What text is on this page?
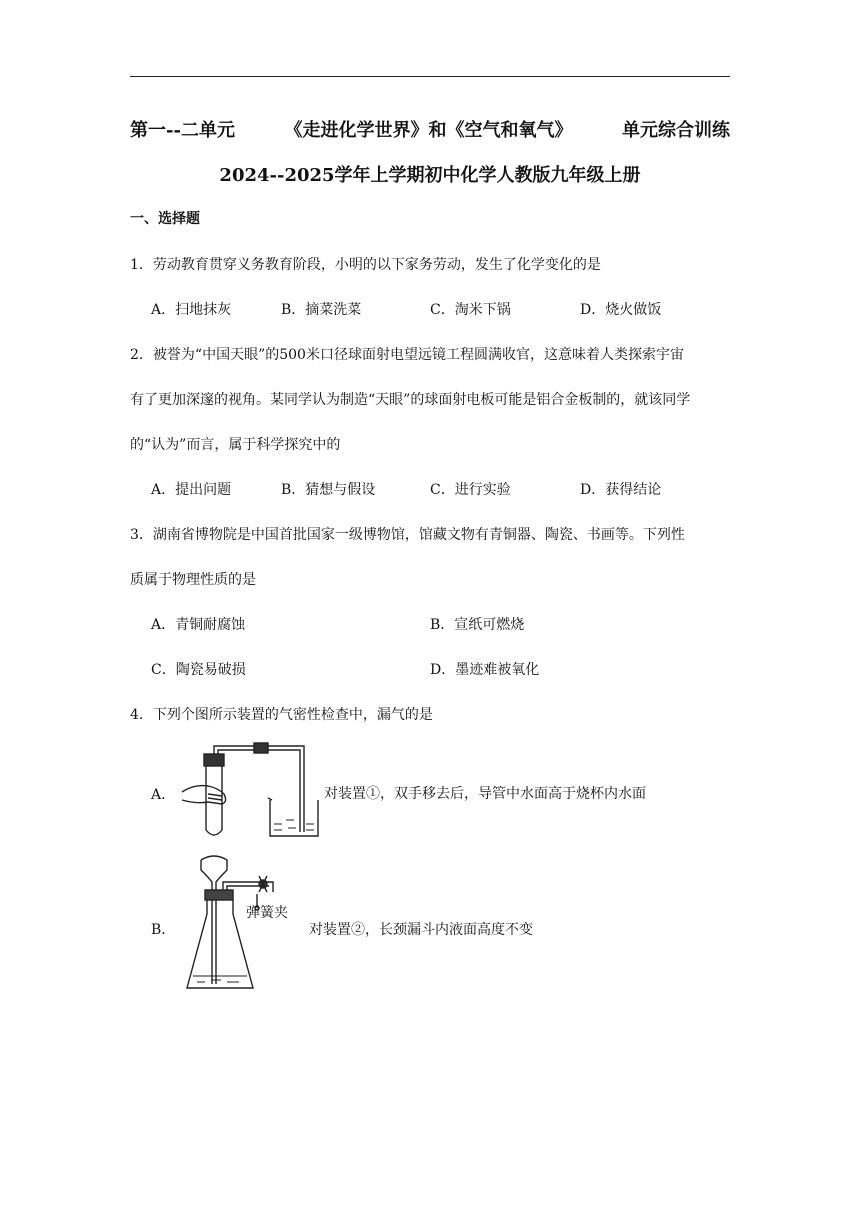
第一--二单元	《走进化学世界》和《空气和氧气》	单元综合训练
2024--2025学年上学期初中化学人教版九年级上册
一、选择题
1．劳动教育贯穿义务教育阶段，小明的以下家务劳动，发生了化学变化的是
A．扫地抹灰	B．摘菜洗菜	C．淘米下锅	D．烧火做饭
2．被誉为“中国天眼”的500米口径球面射电望远镜工程圆满收官，这意味着人类探索宇宙
有了更加深邃的视角。某同学认为制造“天眼”的球面射电板可能是铝合金板制的，就该同学
的“认为”而言，属于科学探究中的
A．提出问题	B．猜想与假设	C．进行实验	D．获得结论
3．湖南省博物院是中国首批国家一级博物馆，馆藏文物有青铜器、陶瓷、书画等。下列性
质属于物理性质的是
A．青铜耐腐蚀	B．宣纸可燃烧
C．陶瓷易破损	D．墨迹难被氧化
4．下列个图所示装置的气密性检查中，漏气的是
A．	对装置①，双手移去后，导管中水面高于烧杯内水面
B．
弹簧夹
对装置②，长颈漏斗内液面高度不变
